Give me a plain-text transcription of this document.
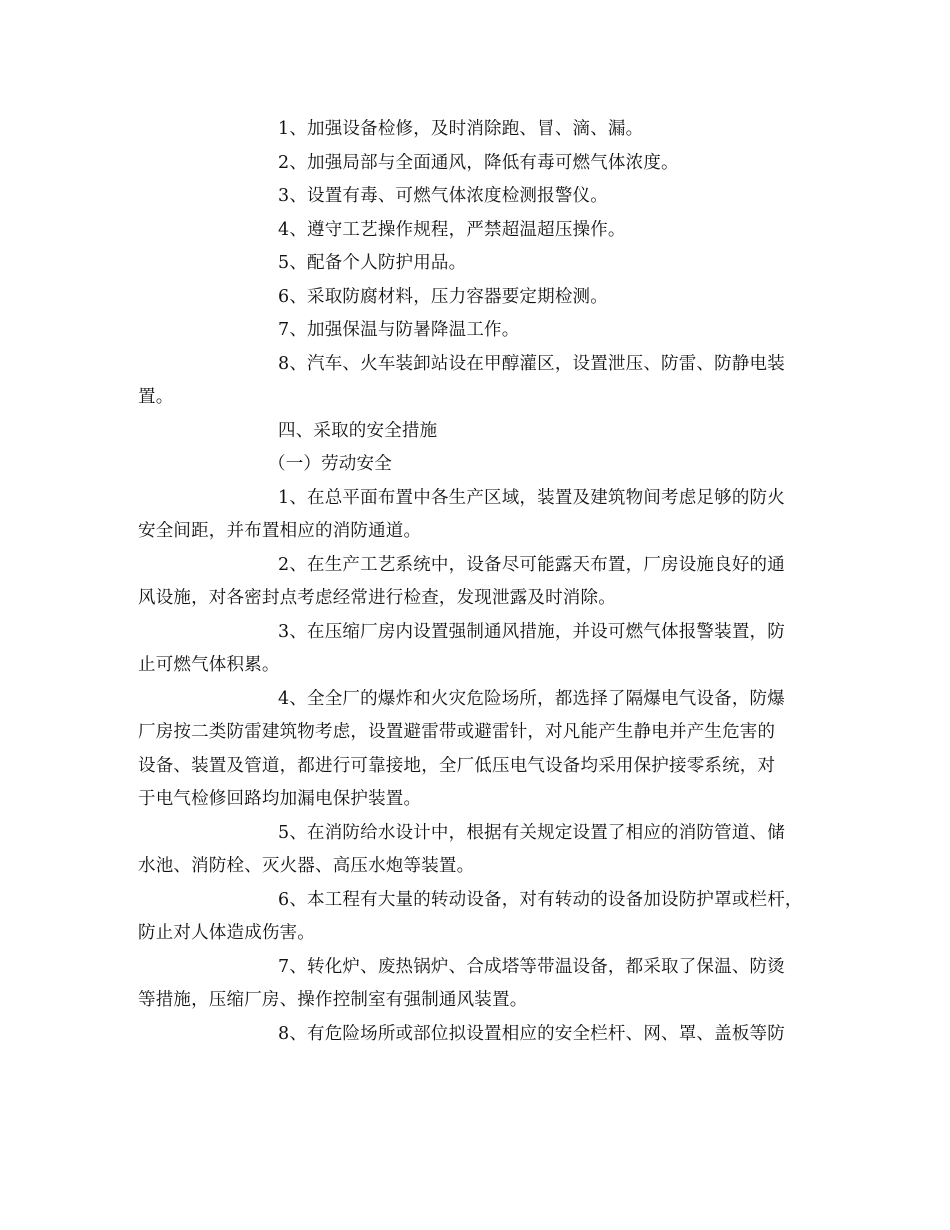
1、加强设备检修，及时消除跑、冒、滴、漏。
2、加强局部与全面通风，降低有毒可燃气体浓度。
3、设置有毒、可燃气体浓度检测报警仪。
4、遵守工艺操作规程，严禁超温超压操作。
5、配备个人防护用品。
6、采取防腐材料，压力容器要定期检测。
7、加强保温与防暑降温工作。
8、汽车、火车装卸站设在甲醇灌区，设置泄压、防雷、防静电装
置。
四、采取的安全措施
（一）劳动安全
1、在总平面布置中各生产区域，装置及建筑物间考虑足够的防火
安全间距，并布置相应的消防通道。
2、在生产工艺系统中，设备尽可能露天布置，厂房设施良好的通
风设施，对各密封点考虑经常进行检查，发现泄露及时消除。
3、在压缩厂房内设置强制通风措施，并设可燃气体报警装置，防
止可燃气体积累。
4、全全厂的爆炸和火灾危险场所，都选择了隔爆电气设备，防爆
厂房按二类防雷建筑物考虑，设置避雷带或避雷针，对凡能产生静电并产生危害的
设备、装置及管道，都进行可靠接地，全厂低压电气设备均采用保护接零系统，对
于电气检修回路均加漏电保护装置。
5、在消防给水设计中，根据有关规定设置了相应的消防管道、储
水池、消防栓、灭火器、高压水炮等装置。
6、本工程有大量的转动设备，对有转动的设备加设防护罩或栏杆，
防止对人体造成伤害。
7、转化炉、废热锅炉、合成塔等带温设备，都采取了保温、防烫
等措施，压缩厂房、操作控制室有强制通风装置。
8、有危险场所或部位拟设置相应的安全栏杆、网、罩、盖板等防
